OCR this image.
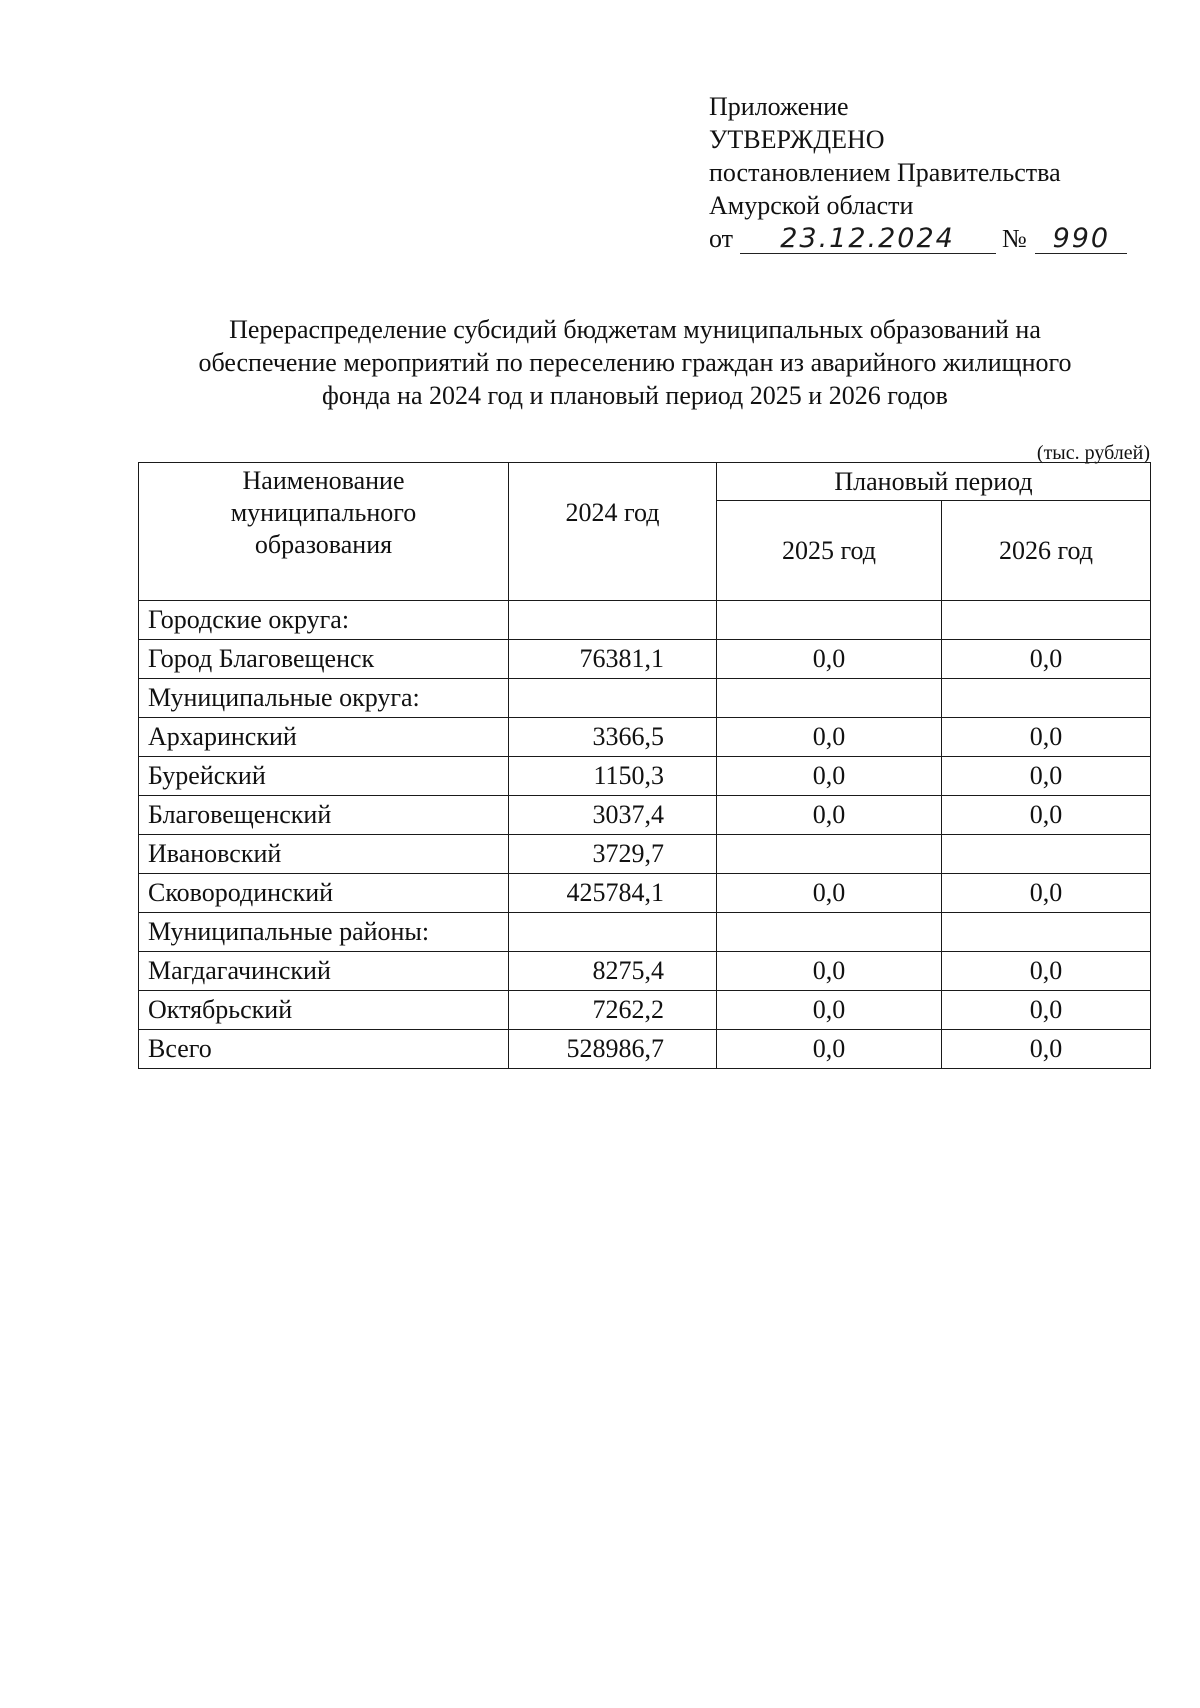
Приложение
УТВЕРЖДЕНО
постановлением Правительства
Амурской области
от 23.12.2024 № 990
Перераспределение субсидий бюджетам муниципальных образований на
обеспечение мероприятий по переселению граждан из аварийного жилищного
фонда на 2024 год и плановый период 2025 и 2026 годов
(тыс. рублей)
Наименование
муниципального
образования	2024 год	Плановый период	
		2025 год	2026 год
Городские округа:			
Город Благовещенск	76381,1	0,0	0,0
Муниципальные округа:			
Архаринский	3366,5	0,0	0,0
Бурейский	1150,3	0,0	0,0
Благовещенский	3037,4	0,0	0,0
Ивановский	3729,7		
Сковородинский	425784,1	0,0	0,0
Муниципальные районы:			
Магдагачинский	8275,4	0,0	0,0
Октябрьский	7262,2	0,0	0,0
Всего	528986,7	0,0	0,0
